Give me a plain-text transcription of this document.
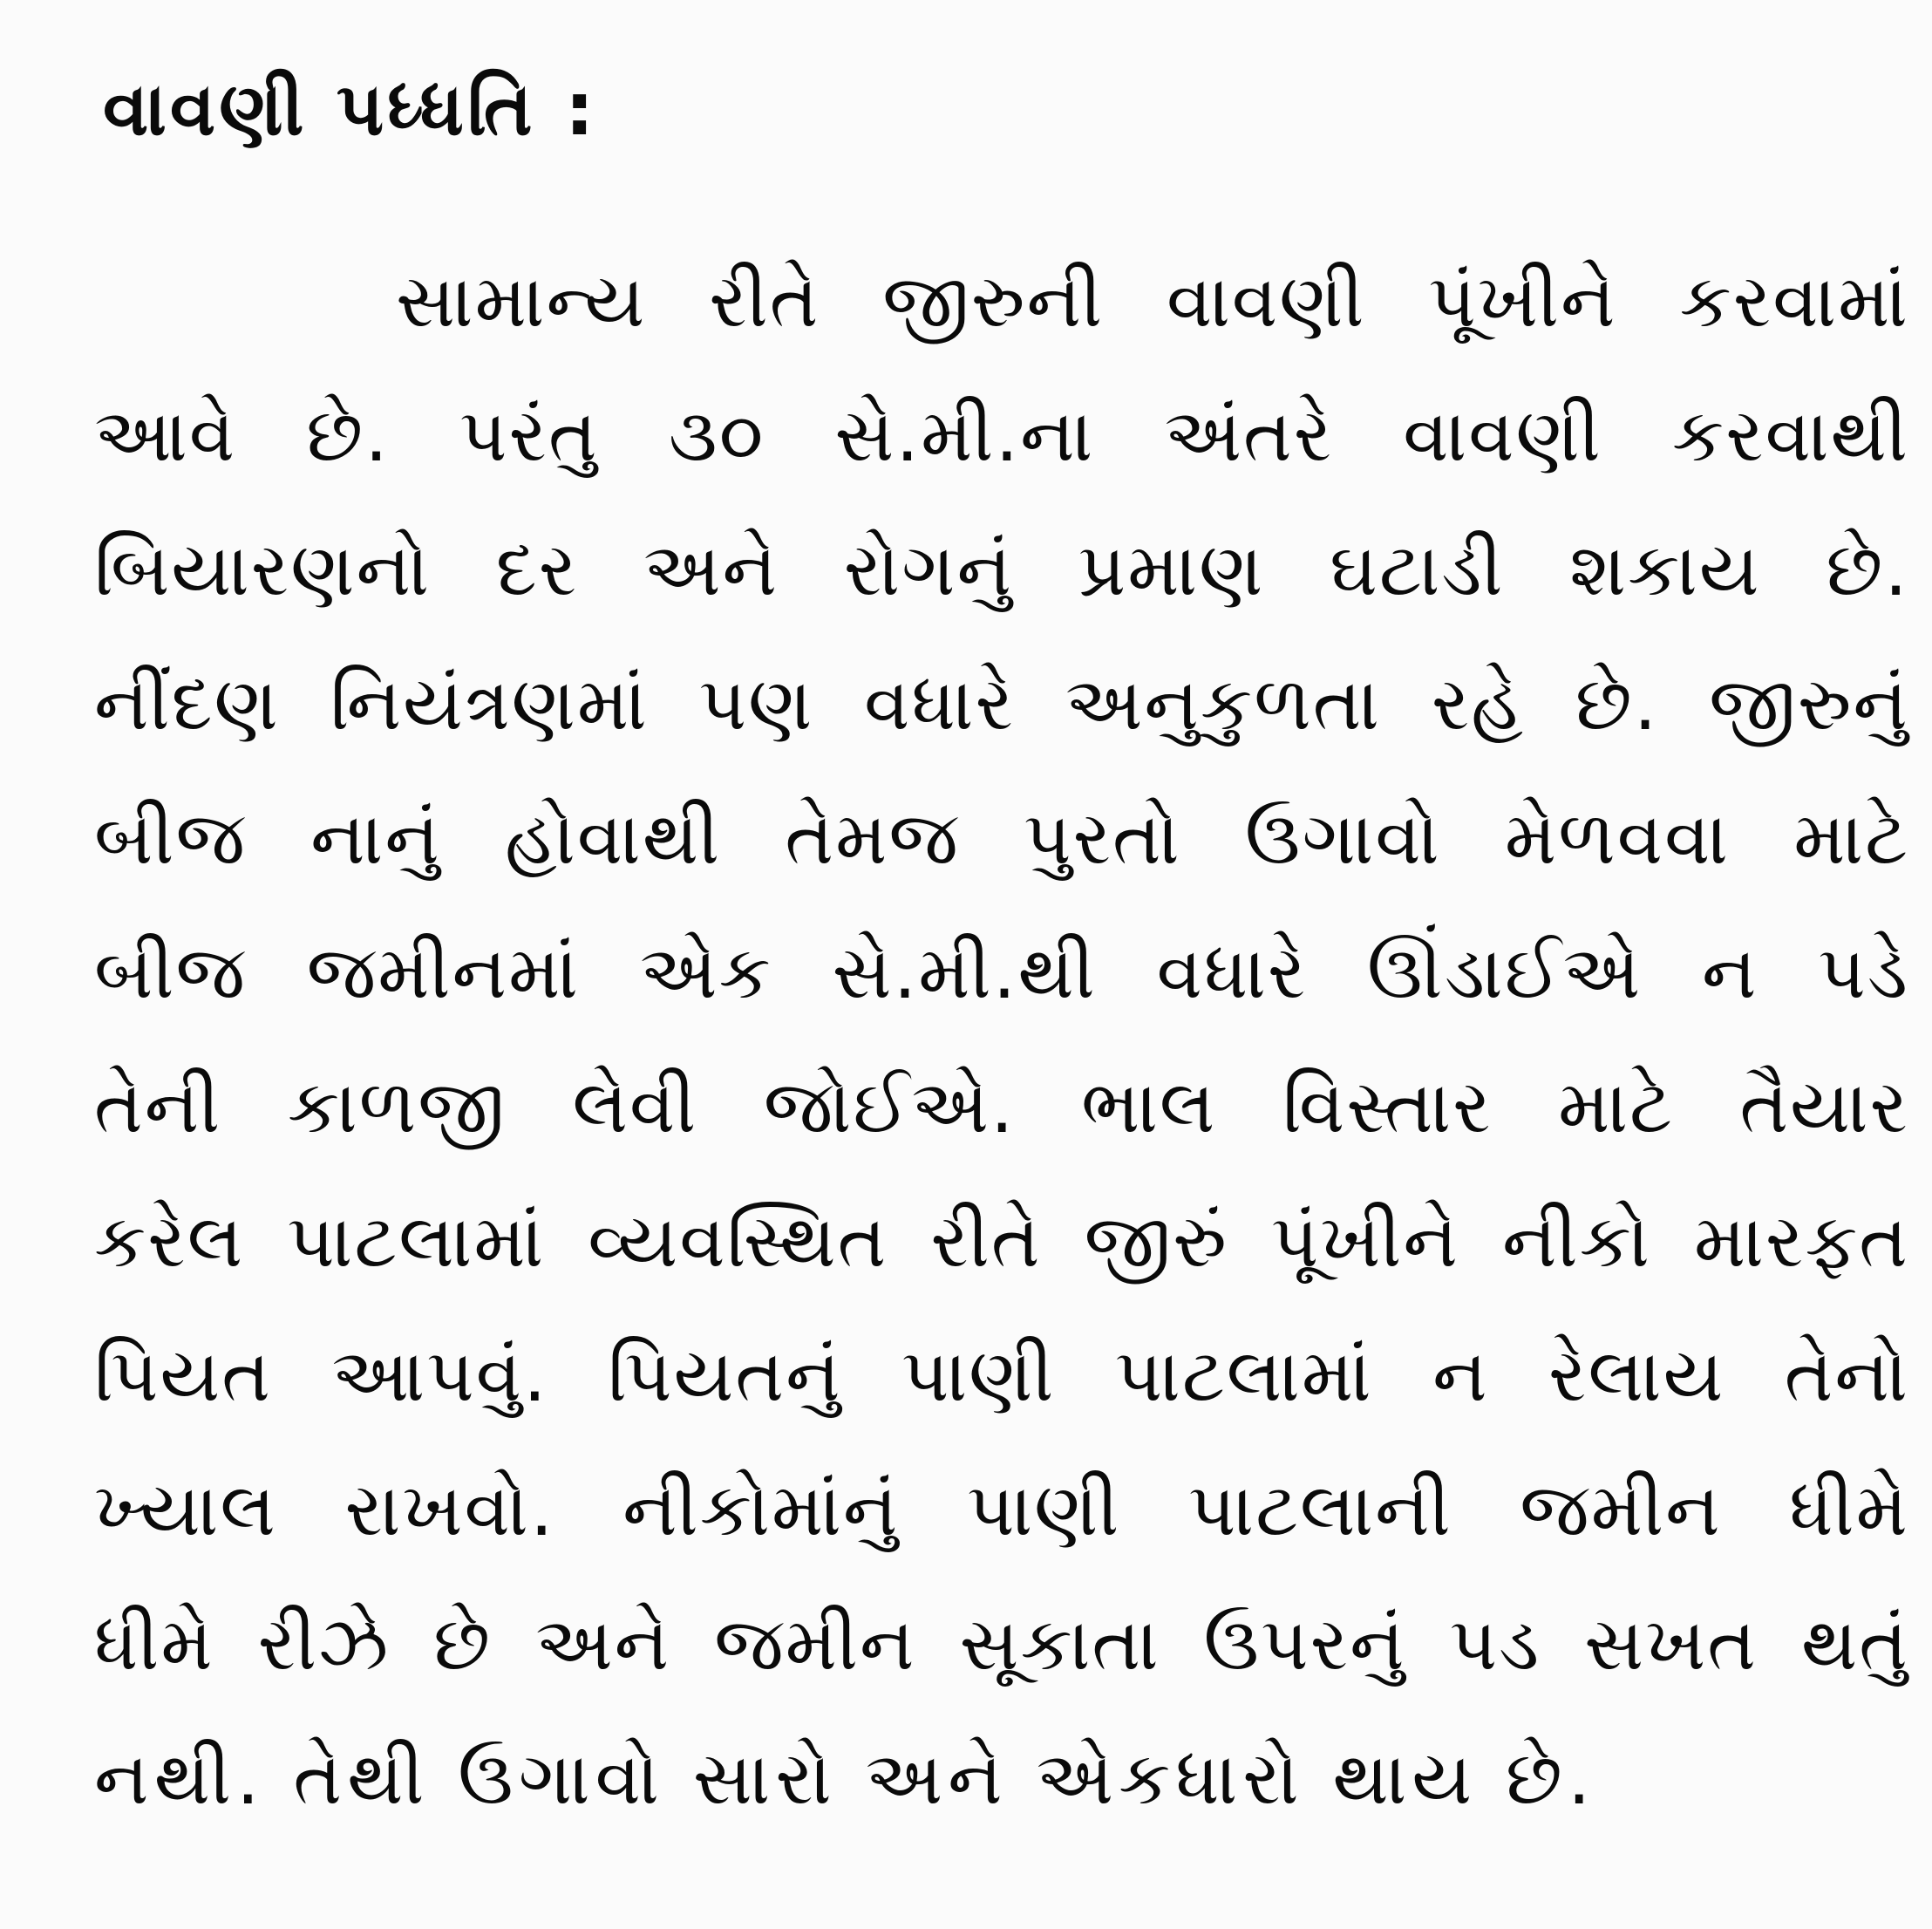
વાવણી પધ્ધતિ :
સામાન્ય રીતે જીરુની વાવણી પૂંખીને કરવામાં
આવે છે. પરંતુ ૩૦ સે.મી.ના અંતરે વાવણી કરવાથી
બિયારણનો દર અને રોગનું પ્રમાણ ઘટાડી શકાય છે.
નીંદણ નિયંત્રણમાં પણ વધારે અનુકુળતા રહે છે. જીરુનું
બીજ નાનું હોવાથી તેમજ પુરતો ઉગાવો મેળવવા માટે
બીજ જમીનમાં એક સે.મી.થી વધારે ઊંડાઈએ ન પડે
તેની કાળજી લેવી જોઈએ. ભાલ વિસ્તાર માટે તૈયાર
કરેલ પાટલામાં વ્યવસ્થિત રીતે જીરું પૂંખીને નીકો મારફત
પિયત આપવું. પિયતનું પાણી પાટલામાં ન રેલાય તેનો
ખ્યાલ રાખવો. નીકોમાંનું પાણી પાટલાની જમીન ધીમે
ધીમે રીઝે છે અને જમીન સૂકાતા ઉપરનું પડ સખત થતું
નથી. તેથી ઉગાવો સારો અને એકધારો થાય છે.
